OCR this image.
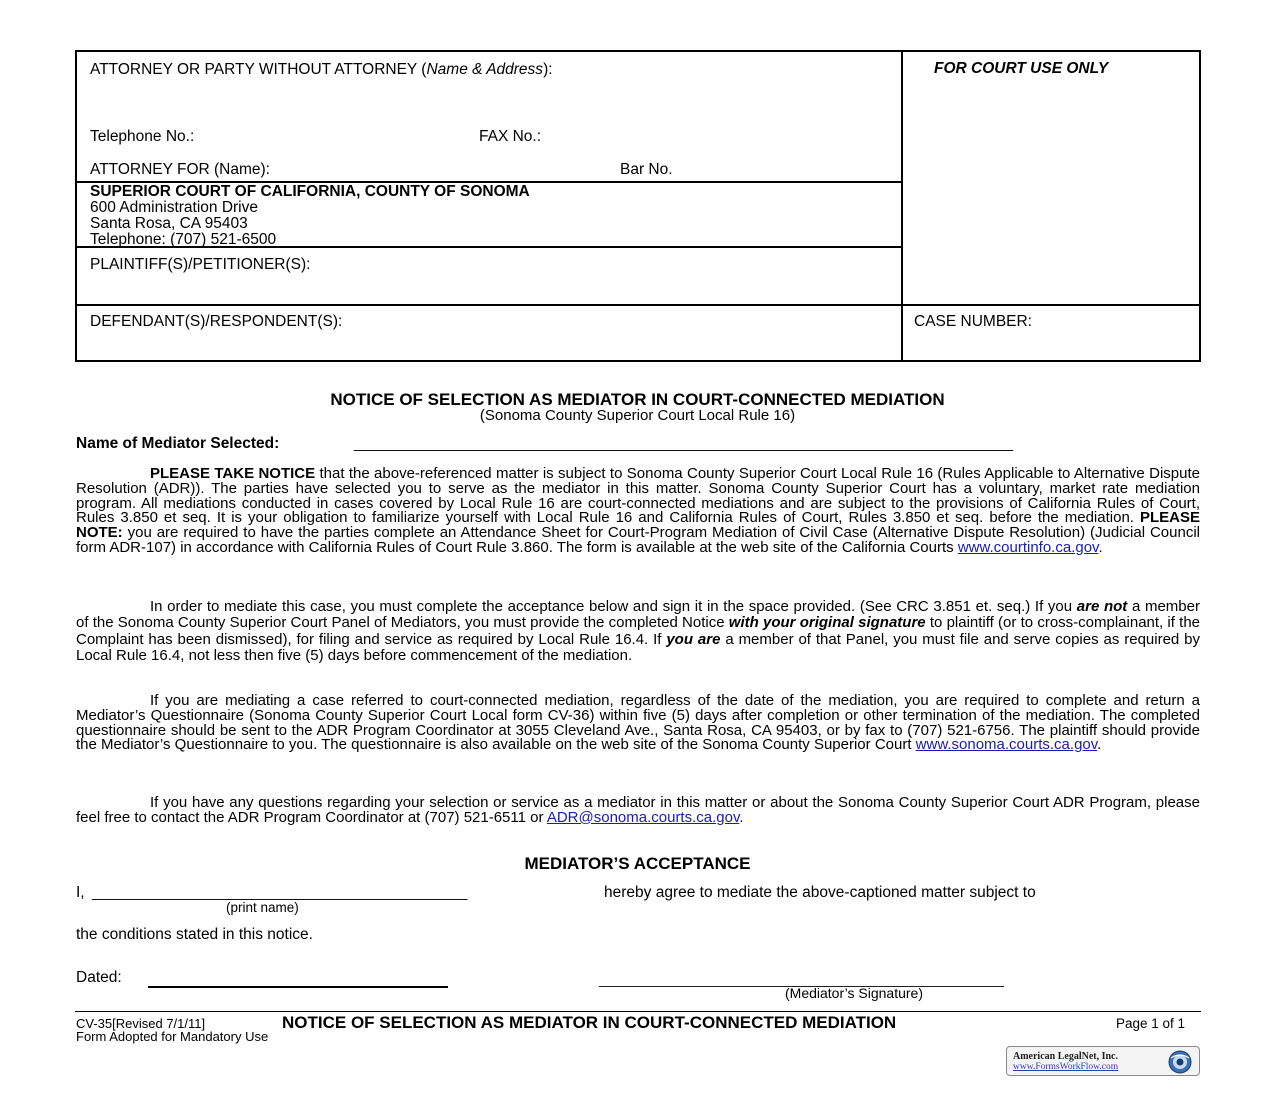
ATTORNEY OR PARTY WITHOUT ATTORNEY (Name & Address):	FOR COURT USE ONLY
Telephone No.:	FAX No.:
ATTORNEY FOR (Name):	Bar No.
SUPERIOR COURT OF CALIFORNIA, COUNTY OF SONOMA
600 Administration Drive
Santa Rosa, CA 95403
Telephone: (707) 521-6500
PLAINTIFF(S)/PETITIONER(S):
DEFENDANT(S)/RESPONDENT(S):	CASE NUMBER:
NOTICE OF SELECTION AS MEDIATOR IN COURT-CONNECTED MEDIATION
(Sonoma County Superior Court Local Rule 16)
Name of Mediator Selected:	_______________________________________________________________________________

PLEASE TAKE NOTICE that the above-referenced matter is subject to Sonoma County Superior Court Local Rule 16 (Rules Applicable to Alternative Dispute Resolution (ADR)). The parties have selected you to serve as the mediator in this matter. Sonoma County Superior Court has a voluntary, market rate mediation program. All mediations conducted in cases covered by Local Rule 16 are court-connected mediations and are subject to the provisions of California Rules of Court, Rules 3.850 et seq. It is your obligation to familiarize yourself with Local Rule 16 and California Rules of Court, Rules 3.850 et seq. before the mediation. PLEASE NOTE: you are required to have the parties complete an Attendance Sheet for Court-Program Mediation of Civil Case (Alternative Dispute Resolution) (Judicial Council form ADR-107) in accordance with California Rules of Court Rule 3.860. The form is available at the web site of the California Courts www.courtinfo.ca.gov.

In order to mediate this case, you must complete the acceptance below and sign it in the space provided. (See CRC 3.851 et. seq.) If you are not a member of the Sonoma County Superior Court Panel of Mediators, you must provide the completed Notice with your original signature to plaintiff (or to cross-complainant, if the Complaint has been dismissed), for filing and service as required by Local Rule 16.4. If you are a member of that Panel, you must file and serve copies as required by Local Rule 16.4, not less then five (5) days before commencement of the mediation.

If you are mediating a case referred to court-connected mediation, regardless of the date of the mediation, you are required to complete and return a Mediator’s Questionnaire (Sonoma County Superior Court Local form CV-36) within five (5) days after completion or other termination of the mediation. The completed questionnaire should be sent to the ADR Program Coordinator at 3055 Cleveland Ave., Santa Rosa, CA 95403, or by fax to (707) 521-6756. The plaintiff should provide the Mediator’s Questionnaire to you. The questionnaire is also available on the web site of the Sonoma County Superior Court www.sonoma.courts.ca.gov.

If you have any questions regarding your selection or service as a mediator in this matter or about the Sonoma County Superior Court ADR Program, please feel free to contact the ADR Program Coordinator at (707) 521-6511 or ADR@sonoma.courts.ca.gov.

MEDIATOR’S ACCEPTANCE
I, _____________________________________________	hereby agree to mediate the above-captioned matter subject to
(print name)
the conditions stated in this notice.
Dated:	____________________________________________________
(Mediator’s Signature)
CV-35[Revised 7/1/11]
Form Adopted for Mandatory Use
NOTICE OF SELECTION AS MEDIATOR IN COURT-CONNECTED MEDIATION	Page 1 of 1
American LegalNet, Inc.
www.FormsWorkFlow.com
